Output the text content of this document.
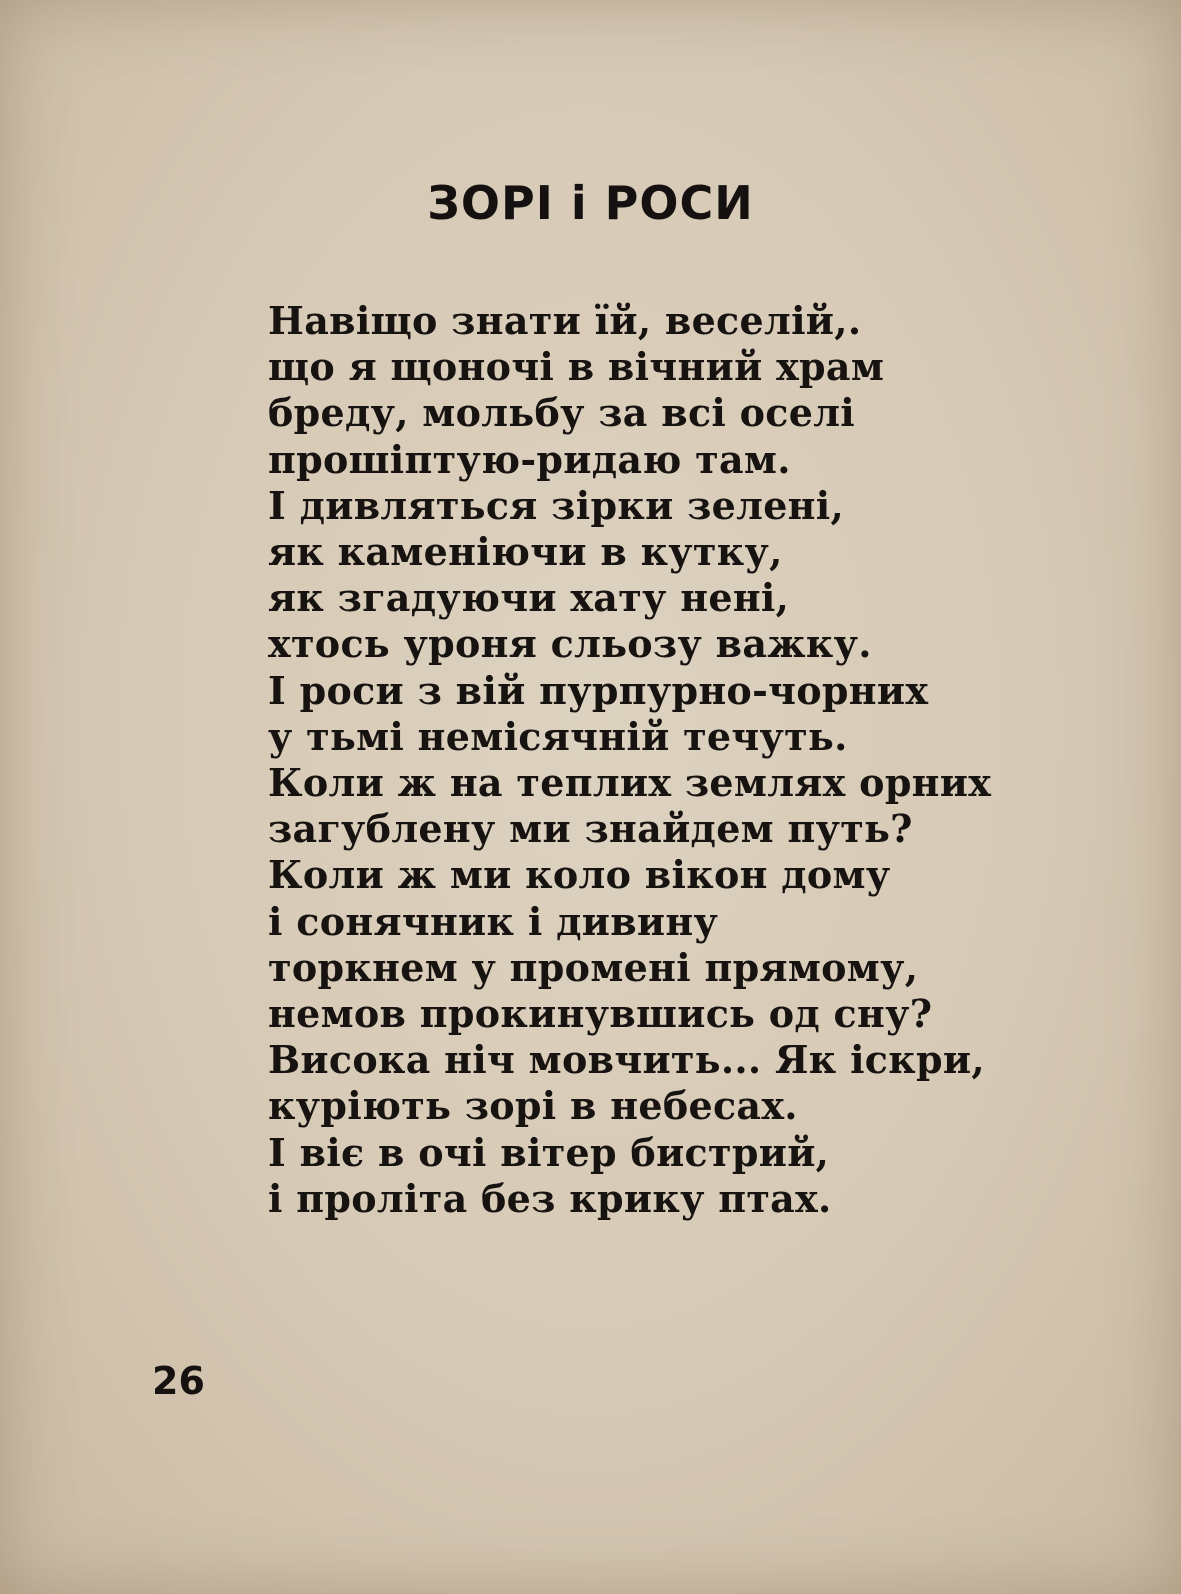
ЗОРІ і РОСИ
Навіщо знати їй, веселій,.
що я щоночі в вічний храм
бреду, мольбу за всі оселі
прошіптую-ридаю там.
І дивляться зірки зелені,
як каменіючи в кутку,
як згадуючи хату нені,
хтось уроня сльозу важку.
І роси з вій пурпурно-чорних
у тьмі немісячній течуть.
Коли ж на теплих землях орних
загублену ми знайдем путь?
Коли ж ми коло вікон дому
і сонячник і дивину
торкнем у промені прямому,
немов прокинувшись од сну?
Висока ніч мовчить... Як іскри,
куріють зорі в небесах.
І віє в очі вітер бистрий,
і проліта без крику птах.
26
